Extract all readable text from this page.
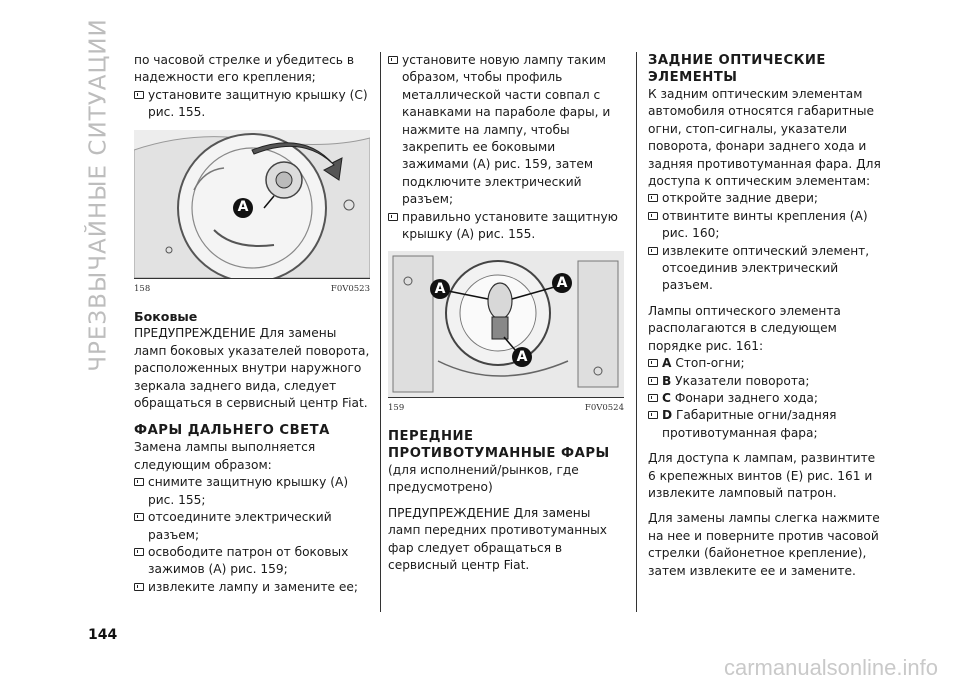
ЧРЕЗВЫЧАЙНЫЕ СИТУАЦИИ по часовой стрелке и убедитесь в надежности его крепления;

установите защитную крышку (С) рис. 155.
A
158	F0V0523

Боковые

ПРЕДУПРЕЖДЕНИЕ Для замены ламп боковых указателей поворота, расположенных внутри наружного зеркала заднего вида, следует обращаться в сервисный центр Fiat.

ФАРЫ ДАЛЬНЕГО СВЕТА

Замена лампы выполняется следующим образом:

снимите защитную крышку (А) рис. 155;
отсоедините электрический разъем;
освободите патрон от боковых зажимов (А) рис. 159;
извлеките лампу и замените ее;
установите новую лампу таким образом, чтобы профиль металлической части совпал с канавками на параболе фары, и нажмите на лампу, чтобы закрепить ее боковыми зажимами (А) рис. 159, затем подключите электрический разъем;
правильно установите защитную крышку (А) рис. 155.
A	A
A
159	F0V0524

ПЕРЕДНИЕ ПРОТИВОТУМАННЫЕ ФАРЫ

(для исполнений/рынков, где предусмотрено)

ПРЕДУПРЕЖДЕНИЕ Для замены ламп передних противотуманных фар следует обращаться в сервисный центр Fiat.

ЗАДНИЕ ОПТИЧЕСКИЕ ЭЛЕМЕНТЫ

К задним оптическим элементам автомобиля относятся габаритные огни, стоп-сигналы, указатели поворота, фонари заднего хода и задняя противотуманная фара. Для доступа к оптическим элементам:

откройте задние двери;
отвинтите винты крепления (А) рис. 160;
извлеките оптический элемент, отсоединив электрический разъем.

Лампы оптического элемента располагаются в следующем порядке рис. 161:

A Стоп-огни;
B Указатели поворота;
C Фонари заднего хода;
D Габаритные огни/задняя противотуманная фара;

Для доступа к лампам, развинтите 6 крепежных винтов (Е) рис. 161 и извлеките ламповый патрон.

Для замены лампы слегка нажмите на нее и поверните против часовой стрелки (байонетное крепление), затем извлеките ее и замените.

144
carmanualsonline.info
